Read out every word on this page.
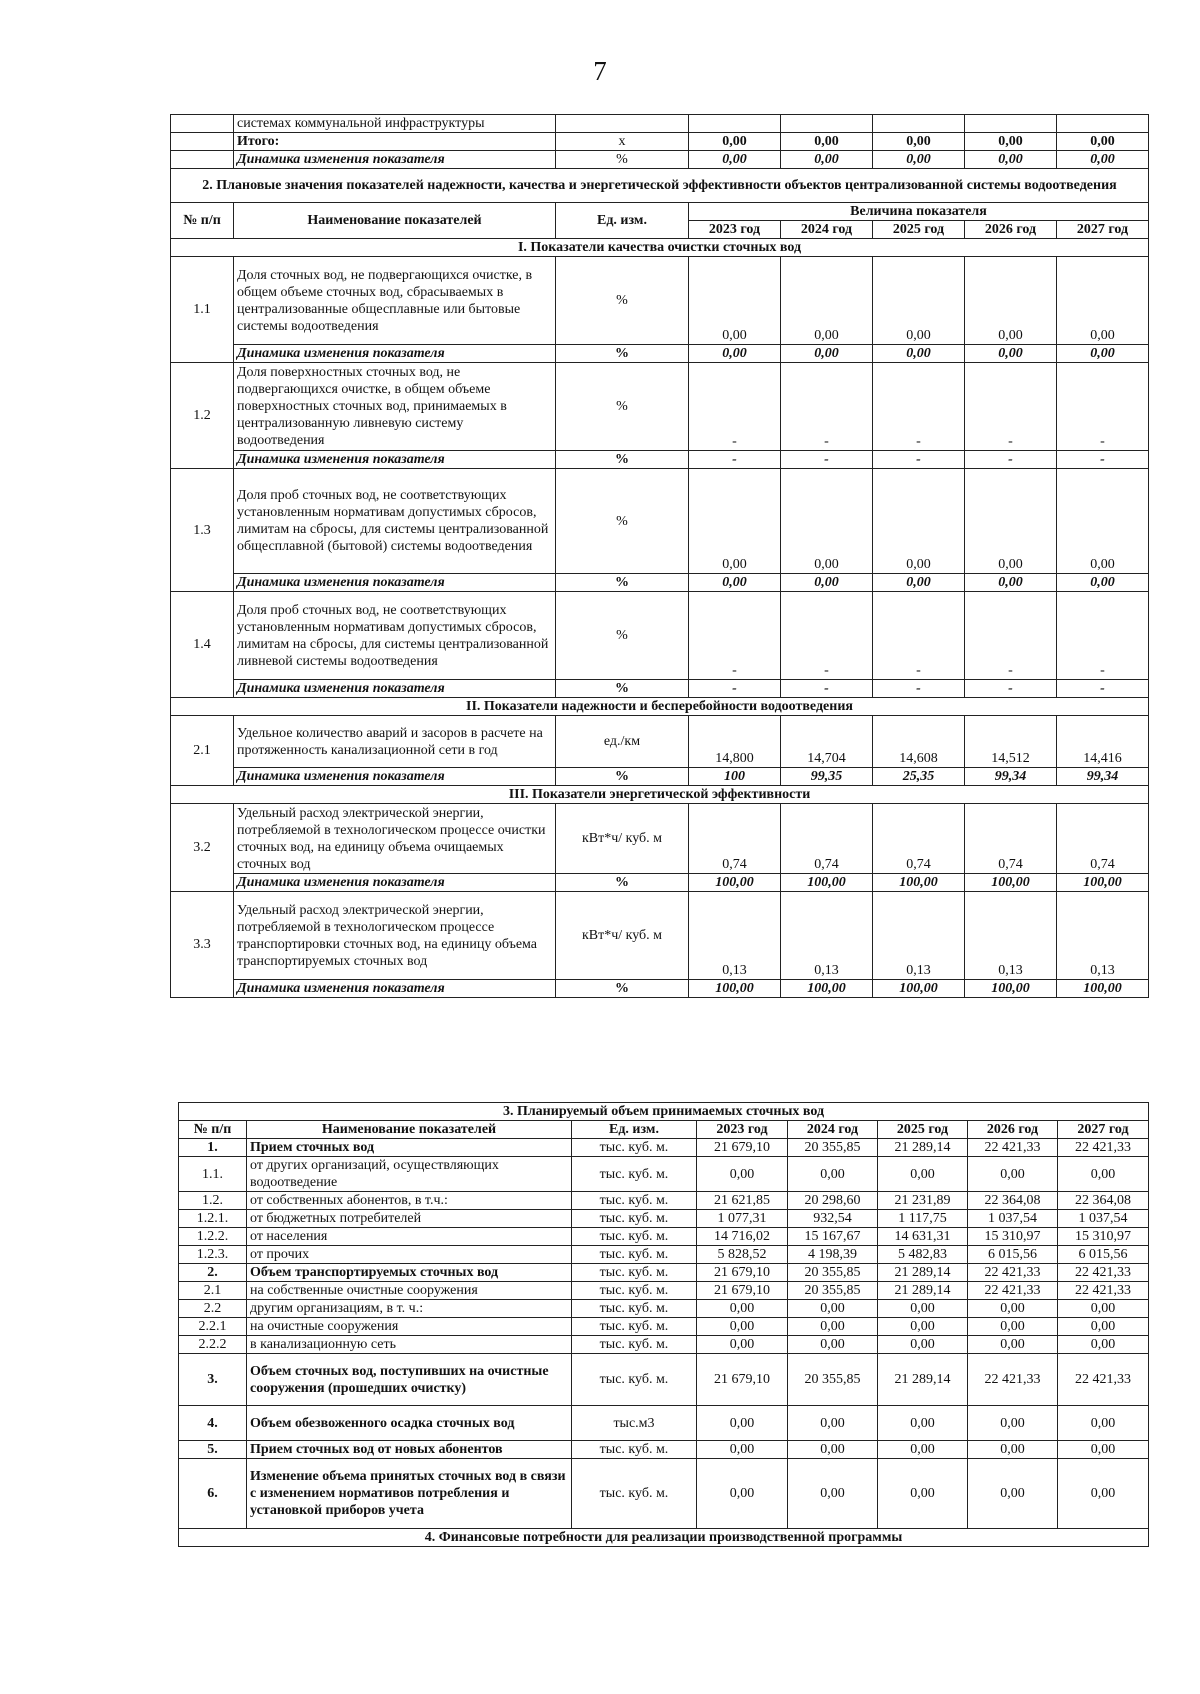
7
	системах коммунальной инфраструктуры						
	Итого:	х	0,00	0,00	0,00	0,00	0,00
	Динамика изменения показателя	%	0,00	0,00	0,00	0,00	0,00
2. Плановые значения показателей надежности, качества и энергетической эффективности объектов централизованной системы водоотведения							
№ п/п	Наименование показателей	Ед. изм.	Величина показателя				
			2023 год	2024 год	2025 год	2026 год	2027 год
I. Показатели качества очистки сточных вод							
1.1	Доля сточных вод, не подвергающихся очистке, в общем объеме сточных вод, сбрасываемых в централизованные общесплавные или бытовые системы водоотведения	%	0,00	0,00	0,00	0,00	0,00
	Динамика изменения показателя	%	0,00	0,00	0,00	0,00	0,00
1.2	Доля поверхностных сточных вод, не подвергающихся очистке, в общем объеме поверхностных сточных вод, принимаемых в централизованную ливневую систему водоотведения	%	-	-	-	-	-
	Динамика изменения показателя	%	-	-	-	-	-
1.3	Доля проб сточных вод, не соответствующих установленным нормативам допустимых сбросов, лимитам на сбросы, для системы централизованной общесплавной (бытовой) системы водоотведения	%	0,00	0,00	0,00	0,00	0,00
	Динамика изменения показателя	%	0,00	0,00	0,00	0,00	0,00
1.4	Доля проб сточных вод, не соответствующих установленным нормативам допустимых сбросов, лимитам на сбросы, для системы централизованной ливневой системы водоотведения	%	-	-	-	-	-
	Динамика изменения показателя	%	-	-	-	-	-
II. Показатели надежности и бесперебойности водоотведения							
2.1	Удельное количество аварий и засоров в расчете на протяженность канализационной сети в год	ед./км	14,800	14,704	14,608	14,512	14,416
	Динамика изменения показателя	%	100	99,35	25,35	99,34	99,34
III. Показатели энергетической эффективности							
3.2	Удельный расход электрической энергии, потребляемой в технологическом процессе очистки сточных вод, на единицу объема очищаемых сточных вод	кВт*ч/ куб. м	0,74	0,74	0,74	0,74	0,74
	Динамика изменения показателя	%	100,00	100,00	100,00	100,00	100,00
3.3	Удельный расход электрической энергии, потребляемой в технологическом процессе транспортировки сточных вод, на единицу объема транспортируемых сточных вод	кВт*ч/ куб. м	0,13	0,13	0,13	0,13	0,13
	Динамика изменения показателя	%	100,00	100,00	100,00	100,00	100,00
3. Планируемый объем принимаемых сточных вод							
№ п/п	Наименование показателей	Ед. изм.	2023 год	2024 год	2025 год	2026 год	2027 год
1.	Прием сточных вод	тыс. куб. м.	21 679,10	20 355,85	21 289,14	22 421,33	22 421,33
1.1.	от других организаций, осуществляющих водоотведение	тыс. куб. м.	0,00	0,00	0,00	0,00	0,00
1.2.	от собственных абонентов, в т.ч.:	тыс. куб. м.	21 621,85	20 298,60	21 231,89	22 364,08	22 364,08
1.2.1.	от бюджетных потребителей	тыс. куб. м.	1 077,31	932,54	1 117,75	1 037,54	1 037,54
1.2.2.	от населения	тыс. куб. м.	14 716,02	15 167,67	14 631,31	15 310,97	15 310,97
1.2.3.	от прочих	тыс. куб. м.	5 828,52	4 198,39	5 482,83	6 015,56	6 015,56
2.	Объем транспортируемых сточных вод	тыс. куб. м.	21 679,10	20 355,85	21 289,14	22 421,33	22 421,33
2.1	на собственные очистные сооружения	тыс. куб. м.	21 679,10	20 355,85	21 289,14	22 421,33	22 421,33
2.2	другим организациям, в т. ч.:	тыс. куб. м.	0,00	0,00	0,00	0,00	0,00
2.2.1	на очистные сооружения	тыс. куб. м.	0,00	0,00	0,00	0,00	0,00
2.2.2	в канализационную сеть	тыс. куб. м.	0,00	0,00	0,00	0,00	0,00
3.	Объем сточных вод, поступивших на очистные сооружения (прошедших очистку)	тыс. куб. м.	21 679,10	20 355,85	21 289,14	22 421,33	22 421,33
4.	Объем обезвоженного осадка сточных вод	тыс.м3	0,00	0,00	0,00	0,00	0,00
5.	Прием сточных вод от новых абонентов	тыс. куб. м.	0,00	0,00	0,00	0,00	0,00
6.	Изменение объема принятых сточных вод в связи с изменением нормативов потребления и установкой приборов учета	тыс. куб. м.	0,00	0,00	0,00	0,00	0,00
4. Финансовые потребности для реализации производственной программы							
